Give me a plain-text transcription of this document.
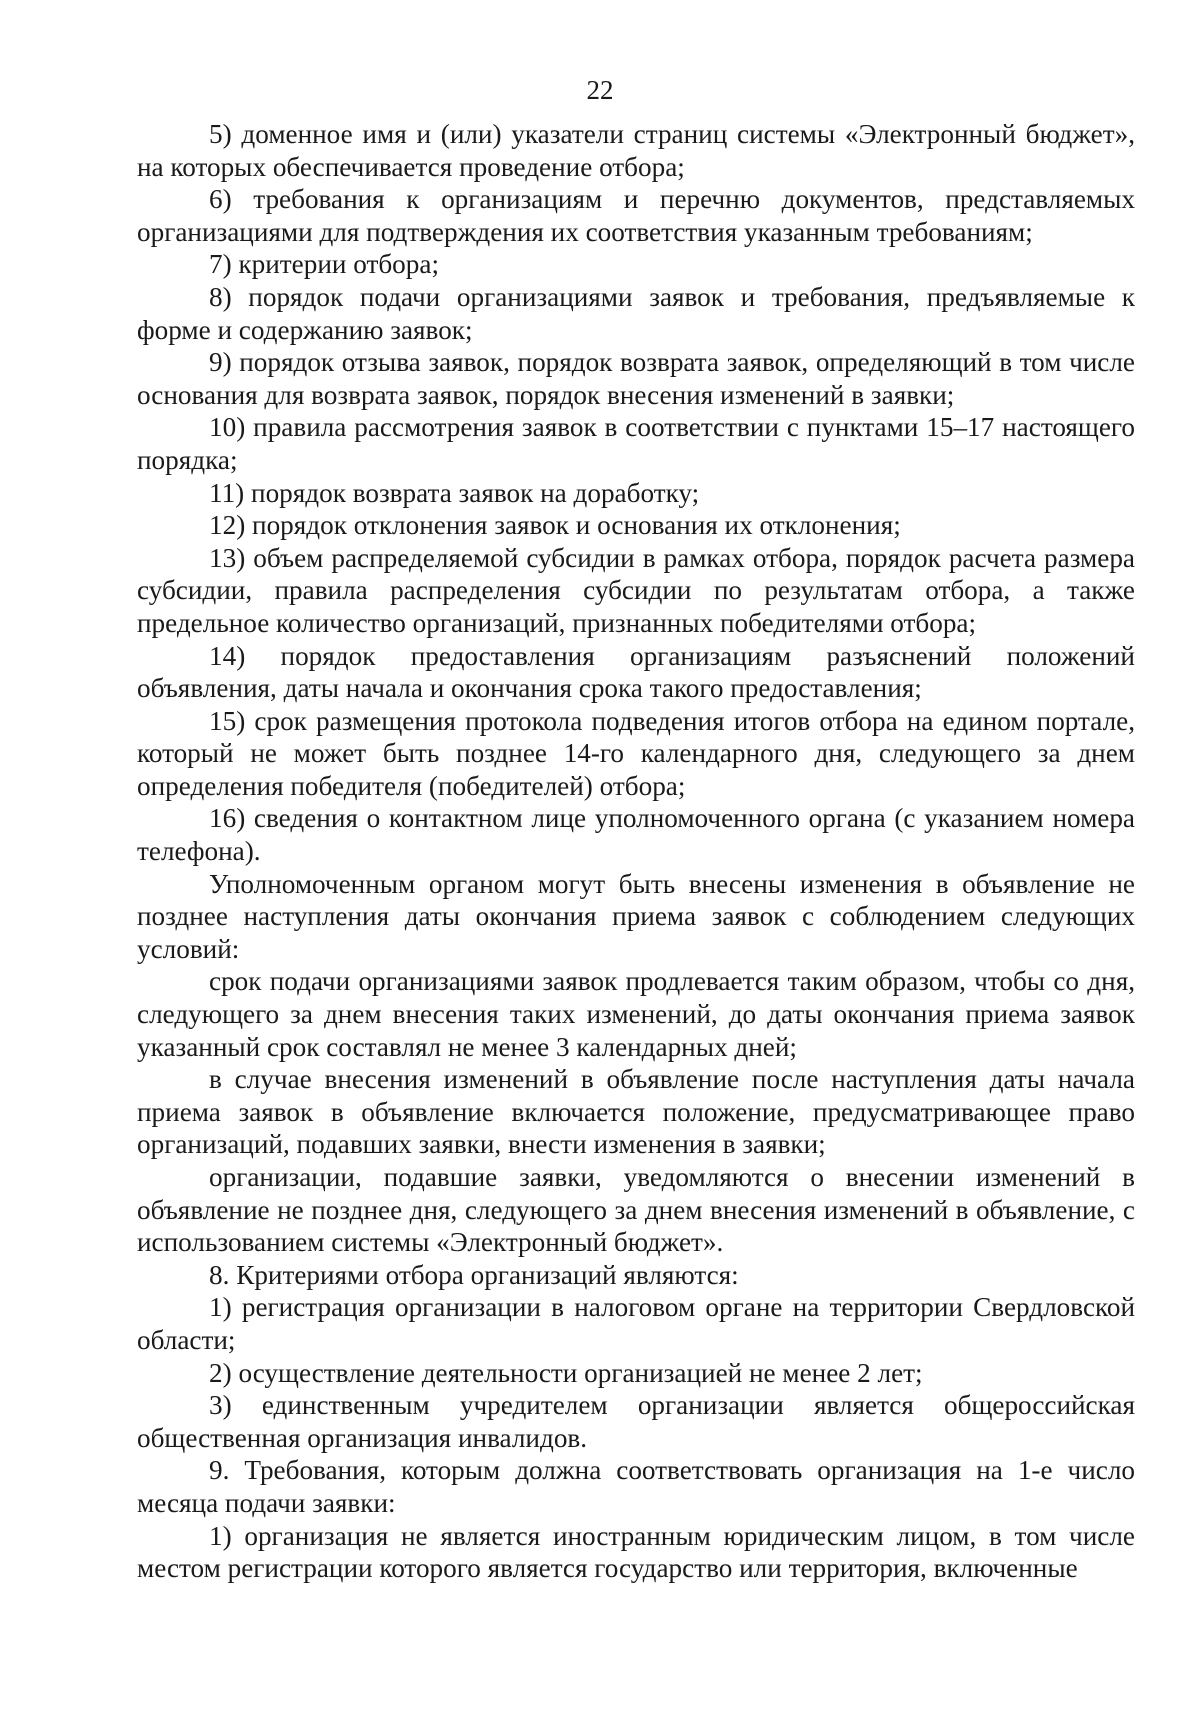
22

5) доменное имя и (или) указатели страниц системы «Электронный бюджет», на которых обеспечивается проведение отбора;

6) требования к организациям и перечню документов, представляемых организациями для подтверждения их соответствия указанным требованиям;

7) критерии отбора;

8) порядок подачи организациями заявок и требования, предъявляемые к форме и содержанию заявок;

9) порядок отзыва заявок, порядок возврата заявок, определяющий в том числе основания для возврата заявок, порядок внесения изменений в заявки;

10) правила рассмотрения заявок в соответствии с пунктами 15–17 настоящего порядка;

11) порядок возврата заявок на доработку;

12) порядок отклонения заявок и основания их отклонения;

13) объем распределяемой субсидии в рамках отбора, порядок расчета размера субсидии, правила распределения субсидии по результатам отбора, а также предельное количество организаций, признанных победителями отбора;

14) порядок предоставления организациям разъяснений положений объявления, даты начала и окончания срока такого предоставления;

15) срок размещения протокола подведения итогов отбора на едином портале, который не может быть позднее 14-го календарного дня, следующего за днем определения победителя (победителей) отбора;

16) сведения о контактном лице уполномоченного органа (с указанием номера телефона).

Уполномоченным органом могут быть внесены изменения в объявление не позднее наступления даты окончания приема заявок с соблюдением следующих условий:

срок подачи организациями заявок продлевается таким образом, чтобы со дня, следующего за днем внесения таких изменений, до даты окончания приема заявок указанный срок составлял не менее 3 календарных дней;

в случае внесения изменений в объявление после наступления даты начала приема заявок в объявление включается положение, предусматривающее право организаций, подавших заявки, внести изменения в заявки;

организации, подавшие заявки, уведомляются о внесении изменений в объявление не позднее дня, следующего за днем внесения изменений в объявление, с использованием системы «Электронный бюджет».

8. Критериями отбора организаций являются:

1) регистрация организации в налоговом органе на территории Свердловской области;

2) осуществление деятельности организацией не менее 2 лет;

3) единственным учредителем организации является общероссийская общественная организация инвалидов.

9. Требования, которым должна соответствовать организация на 1-е число месяца подачи заявки:

1) организация не является иностранным юридическим лицом, в том числе местом регистрации которого является государство или территория, включенные
